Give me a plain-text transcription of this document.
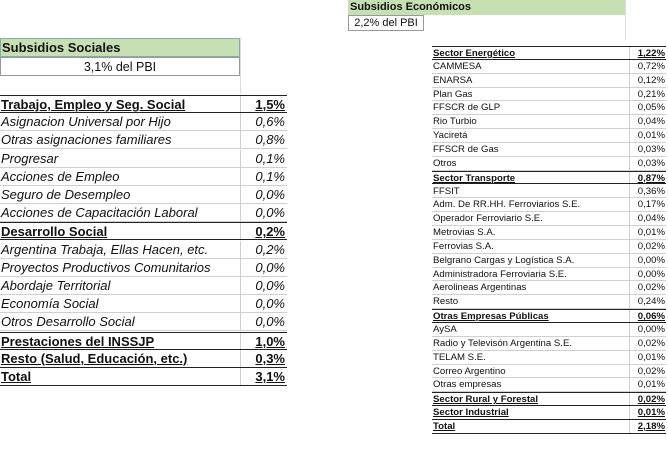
Subsidios Sociales
3,1% del PBI
Trabajo, Empleo y Seg. Social	1,5%
Asignacion Universal por Hijo	0,6%
Otras asignaciones familiares	0,8%
Progresar	0,1%
Acciones de Empleo	0,1%
Seguro de Desempleo	0,0%
Acciones de Capacitación Laboral	0,0%
Desarrollo Social	0,2%
Argentina Trabaja, Ellas Hacen, etc.	0,2%
Proyectos Productivos Comunitarios	0,0%
Abordaje Territorial	0,0%
Economía Social	0,0%
Otros Desarrollo Social	0,0%
Prestaciones del INSSJP	1,0%
Resto (Salud, Educación, etc.)	0,3%
Total	3,1%
Subsidios Económicos
2,2% del PBI
Sector Energético	1,22%
CAMMESA	0,72%
ENARSA	0,12%
Plan Gas	0,21%
FFSCR de GLP	0,05%
Rio Turbio	0,04%
Yaciretá	0,01%
FFSCR de Gas	0,03%
Otros	0,03%
Sector Transporte	0,87%
FFSIT	0,36%
Adm. De RR.HH. Ferroviarios S.E.	0,17%
Operador Ferroviario S.E.	0,04%
Metrovias S.A.	0,01%
Ferrovias S.A.	0,02%
Belgrano Cargas y Logística S.A.	0,00%
Administradora Ferroviaria S.E.	0,00%
Aerolineas Argentinas	0,02%
Resto	0,24%
Otras Empresas Públicas	0,06%
AySA	0,00%
Radio y Televisón Argentina S.E.	0,02%
TELAM S.E.	0,01%
Correo Argentino	0,02%
Otras empresas	0,01%
Sector Rural y Forestal	0,02%
Sector Industrial	0,01%
Total	2,18%
